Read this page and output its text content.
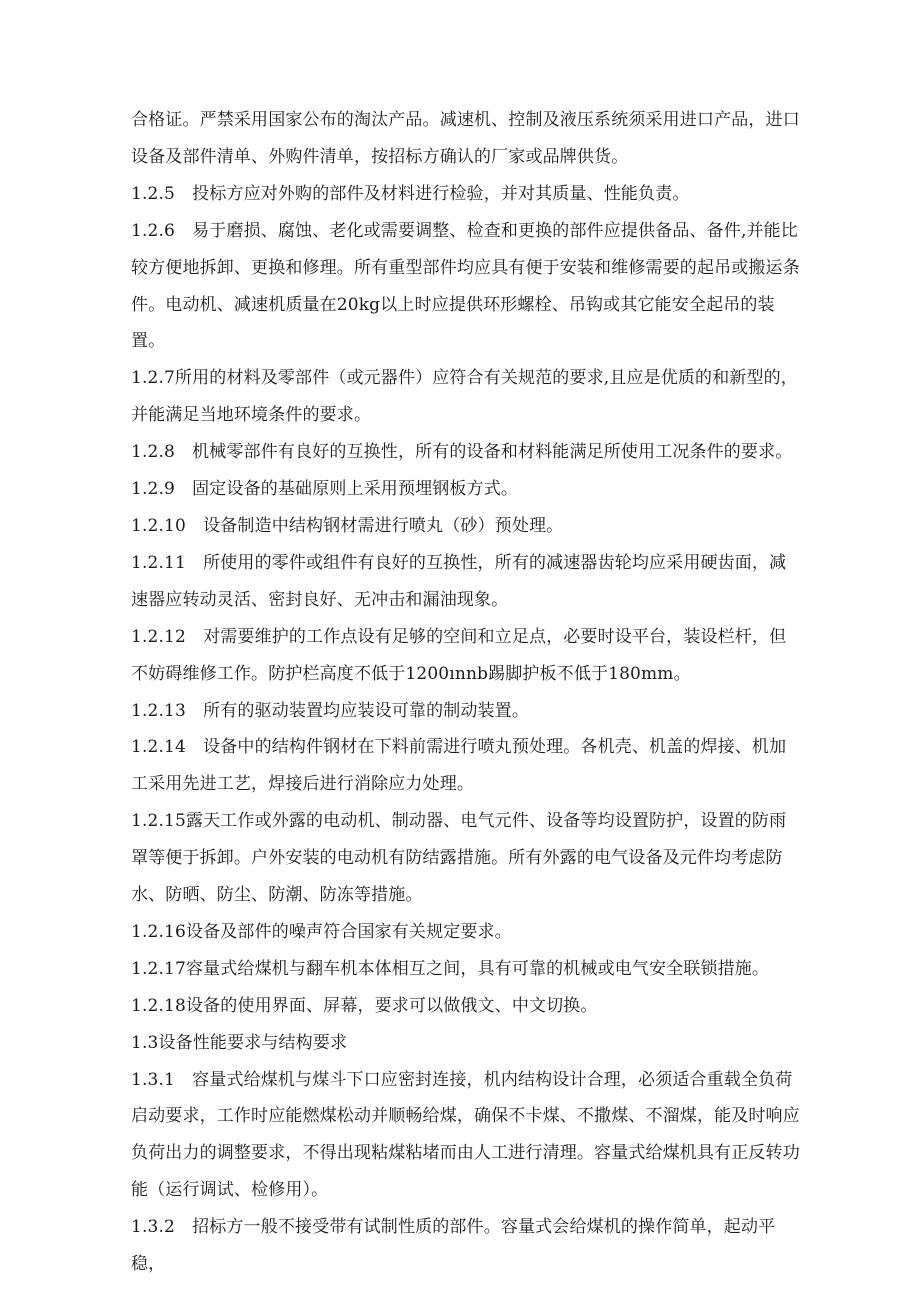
合格证。严禁采用国家公布的淘汰产品。减速机、控制及液压系统须采用进口产品，进口设备及部件清单、外购件清单，按招标方确认的厂家或品牌供货。

1.2.5　投标方应对外购的部件及材料进行检验，并对其质量、性能负责。

1.2.6　易于磨损、腐蚀、老化或需要调整、检查和更换的部件应提供备品、备件,并能比较方便地拆卸、更换和修理。所有重型部件均应具有便于安装和维修需要的起吊或搬运条件。电动机、减速机质量在20kg以上时应提供环形螺栓、吊钩或其它能安全起吊的装置。

1.2.7所用的材料及零部件（或元器件）应符合有关规范的要求,且应是优质的和新型的，并能满足当地环境条件的要求。

1.2.8　机械零部件有良好的互换性，所有的设备和材料能满足所使用工况条件的要求。

1.2.9　固定设备的基础原则上采用预埋钢板方式。

1.2.10　设备制造中结构钢材需进行喷丸（砂）预处理。

1.2.11　所使用的零件或组件有良好的互换性，所有的减速器齿轮均应采用硬齿面，减速器应转动灵活、密封良好、无冲击和漏油现象。

1.2.12　对需要维护的工作点设有足够的空间和立足点，必要时设平台，装设栏杆，但不妨碍维修工作。防护栏高度不低于1200ınnb踢脚护板不低于180mm。

1.2.13　所有的驱动装置均应装设可靠的制动装置。

1.2.14　设备中的结构件钢材在下料前需进行喷丸预处理。各机壳、机盖的焊接、机加工采用先进工艺，焊接后进行消除应力处理。

1.2.15露天工作或外露的电动机、制动器、电气元件、设备等均设置防护，设置的防雨罩等便于拆卸。户外安装的电动机有防结露措施。所有外露的电气设备及元件均考虑防水、防晒、防尘、防潮、防冻等措施。

1.2.16设备及部件的噪声符合国家有关规定要求。

1.2.17容量式给煤机与翻车机本体相互之间，具有可靠的机械或电气安全联锁措施。

1.2.18设备的使用界面、屏幕，要求可以做俄文、中文切换。

1.3设备性能要求与结构要求

1.3.1　容量式给煤机与煤斗下口应密封连接，机内结构设计合理，必须适合重载全负荷启动要求，工作时应能燃煤松动并顺畅给煤，确保不卡煤、不撒煤、不溜煤，能及时响应负荷出力的调整要求，不得出现粘煤粘堵而由人工进行清理。容量式给煤机具有正反转功能（运行调试、检修用）。

1.3.2　招标方一般不接受带有试制性质的部件。容量式会给煤机的操作简单，起动平稳，
